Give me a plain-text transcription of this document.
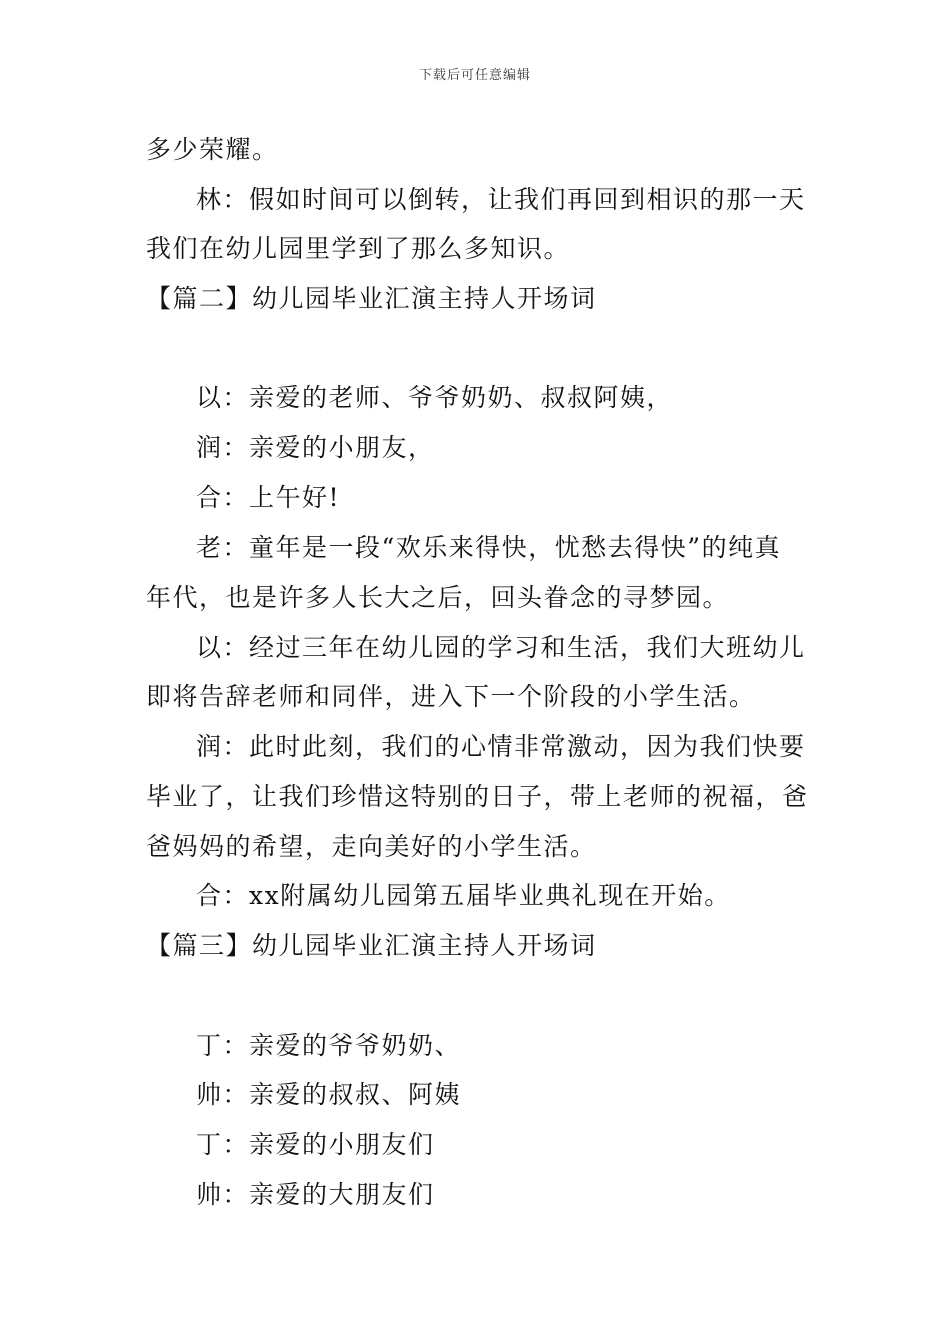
下载后可任意编辑
多少荣耀。
林：假如时间可以倒转，让我们再回到相识的那一天
我们在幼儿园里学到了那么多知识。
【篇二】幼儿园毕业汇演主持人开场词
以：亲爱的老师、爷爷奶奶、叔叔阿姨，
润：亲爱的小朋友，
合：上午好!
老：童年是一段“欢乐来得快，忧愁去得快”的纯真
年代，也是许多人长大之后，回头眷念的寻梦园。
以：经过三年在幼儿园的学习和生活，我们大班幼儿
即将告辞老师和同伴，进入下一个阶段的小学生活。
润：此时此刻，我们的心情非常激动，因为我们快要
毕业了，让我们珍惜这特别的日子，带上老师的祝福，爸
爸妈妈的希望，走向美好的小学生活。
合：xx附属幼儿园第五届毕业典礼现在开始。
【篇三】幼儿园毕业汇演主持人开场词
丁：亲爱的爷爷奶奶、
帅：亲爱的叔叔、阿姨
丁：亲爱的小朋友们
帅：亲爱的大朋友们
